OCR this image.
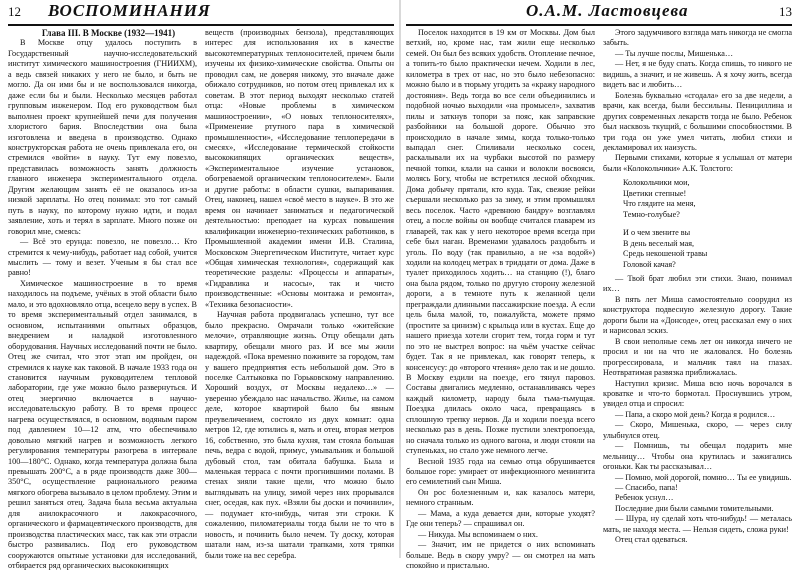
12 ВОСПОМИНАНИЯ

Глава III. В Москве (1932—1941)

В Москве отцу удалось поступить в Государственный научно-исследовательский институт химического машиностроения (ГНИИХМ), а ведь связей никаких у него не было, и быть не могло. Да он ими бы и не воспользовался никогда, даже если бы и были. Несколько месяцев работал групповым инженером. Под его руководством был выполнен проект крупнейшей печи для получения хлористого бария. Впоследствии она была изготовлена и введена в производство. Однако конструкторская работа не очень привлекала его, он стремился «войти» в науку. Тут ему повезло, представилась возможность занять должность главного инженера экспериментального отдела. Другим желающим занять её не оказалось из-за низкой зарплаты. Но отец понимал: это тот самый путь в науку, по которому нужно идти, и подал заявление, хоть и терял в зарплате. Много позже он говорил мне, смеясь:

— Всё это ерунда: повезло, не повезло… Кто стремится к чему-нибудь, работает над собой, учится мыслить — тому и везет. Ученым я бы стал все равно!

Химическое машиностроение в то время находилось на подъеме, учёных в этой области было мало, и это вдохновляло отца, всецело веру в успех. В то время экспериментальный отдел занимался, в основном, испытаниями опытных образцов, внедрением и наладкой изготовленного оборудования. Научных исследований почти не было. Отец же считал, что этот этап им пройден, он стремился к науке как таковой. В начале 1933 года он становится научным руководителем тепловой лаборатории, где уже можно было развернуться. И отец энергично включается в научно-исследовательскую работу. В то время процесс нагрева осуществлялся, в основном, водяным паром под давлением 10—12 атм, что обеспечивало довольно мягкий нагрев и возможность легкого регулирования температуры разогрева в интервале 100—180°С. Однако, когда температура должна была превышать 200°С, а в ряде производств даже 300—350°С, осуществление рационального режима мягкого обогрева вызывало в целом проблему. Этим и решил заняться отец. Задача была весьма актуальна для анилокрасочного и лакокрасочного, органического и фармацевтического производств, для производства пластических масс, так как эти отрасли быстро развивались. Под его руководством сооружаются опытные установки для исследований, отбирается ряд органических высококипящих

веществ (производных бензола), представляющих интерес для использования их в качестве высокотемпературных теплоносителей, причем были изучены их физико-химические свойства. Опыты он проводил сам, не доверяя никому, это вначале даже обижало сотрудников, но потом отец привлекал их к советам. В этот период выходят несколько статей отца: «Новые проблемы в химическом машиностроении», «О новых теплоносителях», «Применение ртутного пара в химической промышленности», «Исследование теплопередачи в смесях», «Исследование термической стойкости высококипящих органических веществ», «Экспериментальное изучение установок, обогреваемой органическим теплоносителем». Были и другие работы: в области сушки, выпаривания. Отец, наконец, нашел «своё место в науке». В это же время он начинает заниматься и педагогической деятельностью: преподает на курсах повышения квалификации инженерно-технических работников, в Промышленной академии имени И.В. Сталина, Московском Энергетическом Институте, читает курс «Общая химическая технология», содержащий как теоретические разделы: «Процессы и аппараты», «Гидравлика и насосы», так и чисто производственные: «Основы монтажа и ремонта», «Техника безопасности».

Научная работа продвигалась успешно, тут все было прекрасно. Омрачали только «житейские мелочи», отравляющие жизнь. Отцу обещали дать квартиру, обещали много раз. И все мы жили надеждой. «Пока временно поживите за городом, там у вашего предприятия есть небольшой дом. Это в поселке Салтыковка по Горьковскому направлению. Хороший воздух, от Москвы недалеко…» — уверенно убеждало нас начальство. Жилье, на самом деле, которое квартирой было бы явным преувеличением, состояло из двух комнат: одна метров 12, где ютились я, мать и отец, вторая метров 16, собственно, это была кухня, там стояла большая печь, ведра с водой, примус, умывальник и большой дубовый стол, там обитала бабушка. Была и маленькая терраса с почти прогнившими полами. В стенах зияли такие щели, что можно было выглядывать на улицу, зимой через них прорывался снег, оседая, как пух. «Взяли бы доски и починили», — подумает кто-нибудь, читая эти строки. К сожалению, пиломатериалы тогда были не то что в новость, и починить было нечем. Ту доску, которая шатали нам, из-за шатали трапками, хотя тряпки были тоже на вес серебра.

О.А.М. Ластовцева	13

Поселок находится в 19 км от Москвы. Дом был ветхий, но, кроме нас, там жили еще несколько семей. Он был без всяких удобств. Отопление печное, а топить-то было практически нечем. Ходили в лес, километра в трех от нас, но это было небезопасно: можно было и в тюрьму угодить за «кражу народного достояния». Ведь тогда во все сели объединились и подобной ночью выходили «на промысел», захватив пилы и заткнув топори за пояс, как заправские разбойники на большой дороге. Обычно это происходило в начале зимы, когда только-только выпадал снег. Спиливали несколько сосен, раскалывали их на чурбаки высотой по размеру печной топки, клали на санки и волокли восвояси, молясь Богу, чтобы не встретился лесной обходчик. Дома добычу прятали, кто куда. Так, свежие рейки съершали несколько раз за зиму, и этим промышлял весь поселок. Часто «древнюю бандру» возглавлял отец, а после войны он вообще считался главарем из главарей, так как у него некоторое время всегда при себе был наган. Временами удавалось раздобыть и уголь. По воду (так правильно, а не «за водой») ходили на колодец метрах в тридцати от дома. Даже в туалет приходилось ходить… на станцию (!), благо она была рядом, только по другую сторону железной дороги, а в темноте путь к желанной цели преграждали длинными пассажирские поезда. А если цель была малой, то, пожалуйста, можете прямо (простите за цинизм) с крыльца или в кустах. Еще до нашего приезда хотели сгорит тем, тогда горм и тут по это не выстрел вопрос: на чьём участке сейчас будет. Так я не привлекал, как говорят теперь, к консенсусу: до «второго чтения» дело так и не дошло. В Москву ездили на поезде, его тянул паровоз. Составы двигались медленно, останавливаясь через каждый километр, народу была тьма-тьмущая. Поездка длилась около часа, превращаясь в сплошную трепку нервов. Да и ходили поезда всего несколько раз в день. Позже пустили электропоезда, но сначала только из одного вагона, и люди стояли на ступеньках, но стало уже немного легче.

Весной 1935 года на семью отца обрушивается большое горе: умирает от инфекционного менингита его семилетний сын Миша.

Он рос болезненным и, как казалось матери, немного странным.

— Мама, а куда девается дни, которые уходят? Где они теперь? — спрашивал он.

— Никуда. Мы вспоминаем о них.

— Значит, им не придется о них вспоминать больше. Ведь в скору умру? — он смотрел на мать спокойно и пристально.

Этого задумчивого взгляда мать никогда не смогла забыть.

— Ты лучше послы, Мишенька…

— Нет, я не буду спать. Когда спишь, то никого не видишь, а значит, и не живешь. А я хочу жить, всегда видеть вас и любить…

Болезнь буквально «сгодала» его за две недели, а врачи, как всегда, были бессильны. Пенициллина и других современных лекарств тогда не было. Ребенок был насквозь ткущий, с большими способностями. В три года он уже умел читать, любил стихи и декламировал их наизусть.

Первыми стихами, которые я услышал от матери были «Колокольчики» А.К. Толстого:

Колокольчики мои,
Цветики степные!
Что глядите на меня,
Темно-голубые?
И о чем звените вы
В день веселый мая,
Средь некошеной травы
Головой качая?

— Твой брат любил эти стихи. Знаю, понимал их…

В пять лет Миша самостоятельно соорудил из конструктора подвесную железную дорогу. Такие дороги были на «Донсоде», отец рассказал ему о них и нарисовал эскиз.

В свои неполные семь лет он никогда ничего не просил и ни на что не жаловался. Но болезнь прогрессировала, и мальчик таял на глазах. Неотвратимая развязка приближалась.

Наступил кризис. Миша всю ночь ворочался в кроватке и что-то бормотал. Проснувшись утром, увидел отца и спросил:

— Папа, а скоро мой день? Когда я родился…

— Скоро, Мишенька, скоро, — через силу улыбнулся отец.

— Помнишь, ты обещал подарить мне мельницу… Чтобы она крутилась и зажигались огоньки. Как ты рассказывал…

— Помню, мой дорогой, помню… Ты ее увидишь.

— Спасибо, папа!

Ребенок уснул…

Последние дни были самыми томительными.

— Шура, ну сделай хоть что-нибудь! — металась мать, не находя места. — Нельзя сидеть, сложа руки!

Отец стал одеваться.
